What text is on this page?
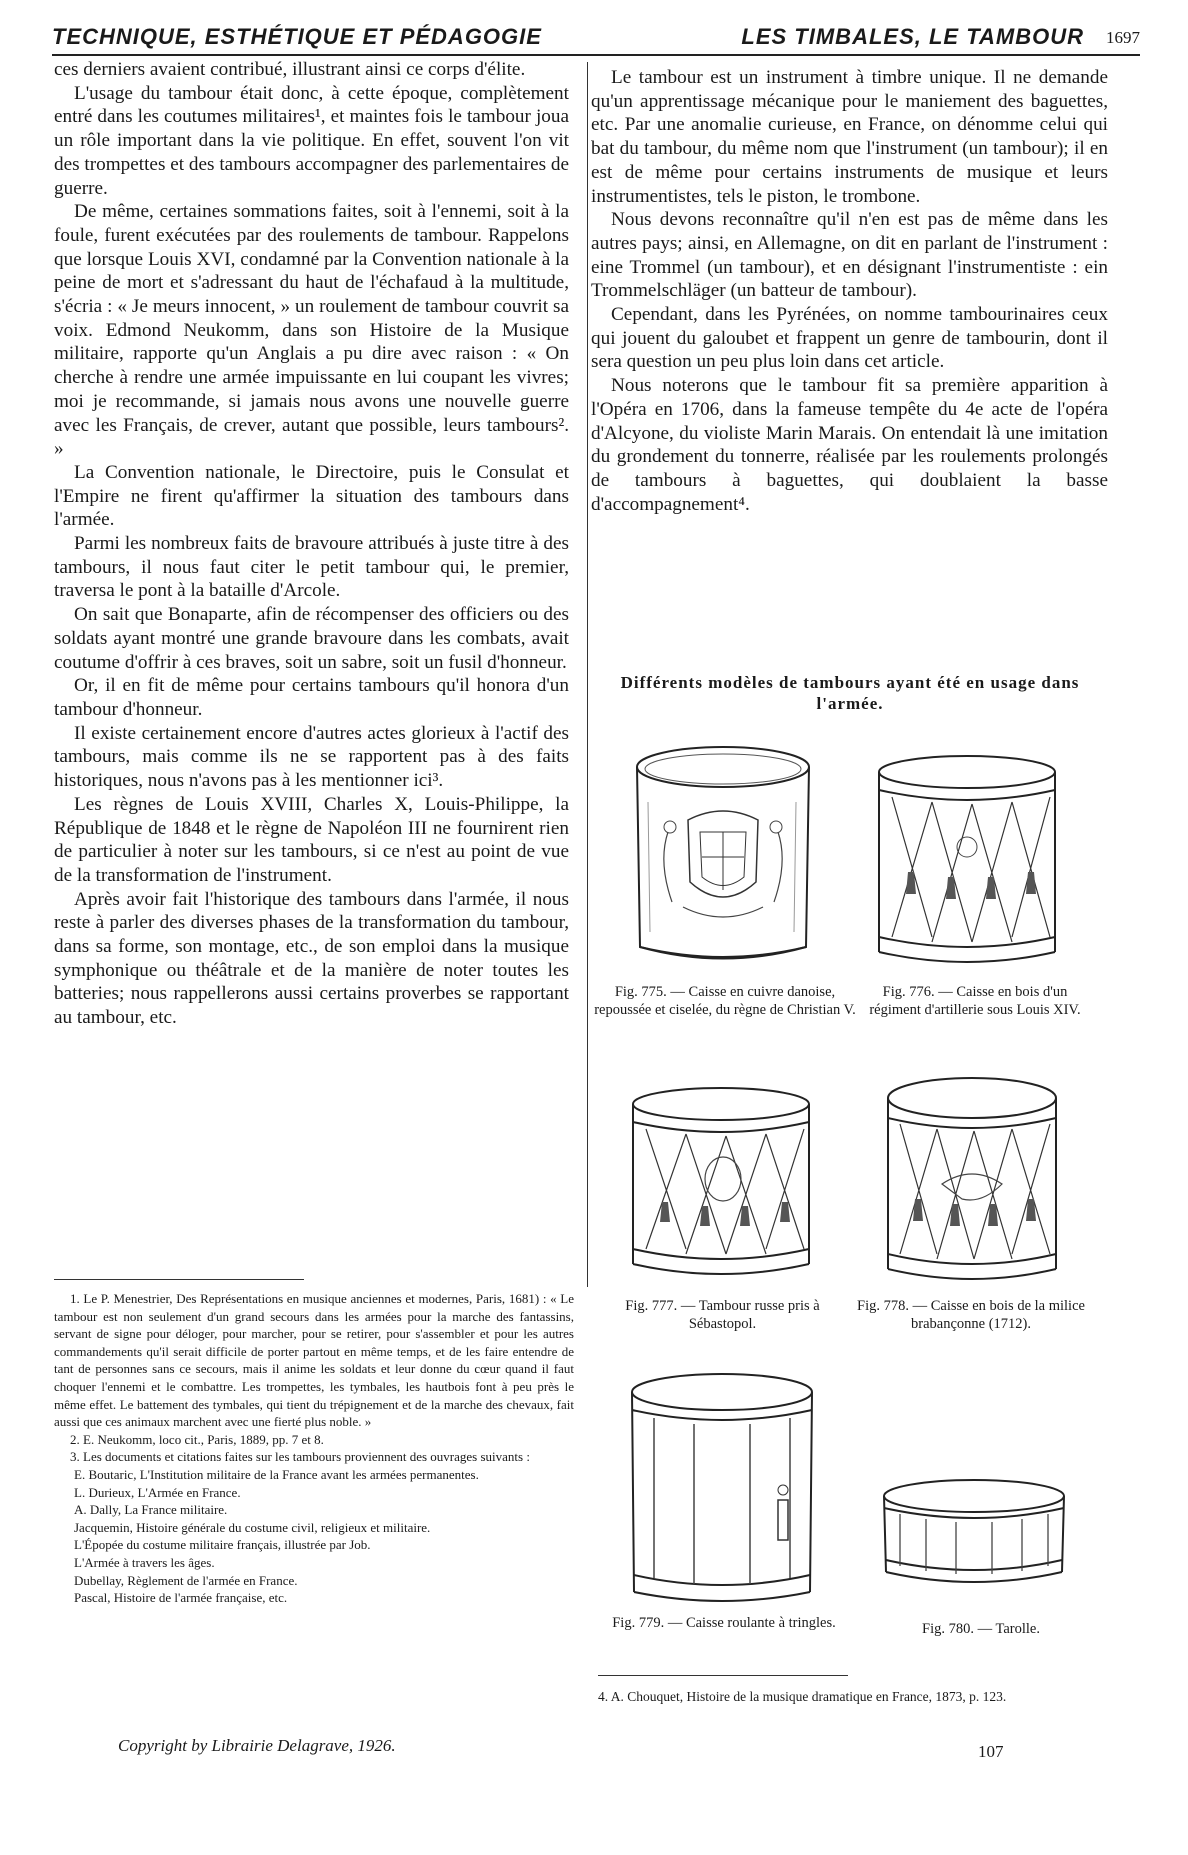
TECHNIQUE, ESTHÉTIQUE ET PÉDAGOGIE	LES TIMBALES, LE TAMBOUR 1697

ces derniers avaient contribué, illustrant ainsi ce corps d'élite.

L'usage du tambour était donc, à cette époque, complètement entré dans les coutumes militaires¹, et maintes fois le tambour joua un rôle important dans la vie politique. En effet, souvent l'on vit des trompettes et des tambours accompagner des parlementaires de guerre.

De même, certaines sommations faites, soit à l'ennemi, soit à la foule, furent exécutées par des roulements de tambour. Rappelons que lorsque Louis XVI, condamné par la Convention nationale à la peine de mort et s'adressant du haut de l'échafaud à la multitude, s'écria : « Je meurs innocent, » un roulement de tambour couvrit sa voix. Edmond Neukomm, dans son Histoire de la Musique militaire, rapporte qu'un Anglais a pu dire avec raison : « On cherche à rendre une armée impuissante en lui coupant les vivres; moi je recommande, si jamais nous avons une nouvelle guerre avec les Français, de crever, autant que possible, leurs tambours². »

La Convention nationale, le Directoire, puis le Consulat et l'Empire ne firent qu'affirmer la situation des tambours dans l'armée.

Parmi les nombreux faits de bravoure attribués à juste titre à des tambours, il nous faut citer le petit tambour qui, le premier, traversa le pont à la bataille d'Arcole.

On sait que Bonaparte, afin de récompenser des officiers ou des soldats ayant montré une grande bravoure dans les combats, avait coutume d'offrir à ces braves, soit un sabre, soit un fusil d'honneur.

Or, il en fit de même pour certains tambours qu'il honora d'un tambour d'honneur.

Il existe certainement encore d'autres actes glorieux à l'actif des tambours, mais comme ils ne se rapportent pas à des faits historiques, nous n'avons pas à les mentionner ici³.

Les règnes de Louis XVIII, Charles X, Louis-Philippe, la République de 1848 et le règne de Napoléon III ne fournirent rien de particulier à noter sur les tambours, si ce n'est au point de vue de la transformation de l'instrument.

Après avoir fait l'historique des tambours dans l'armée, il nous reste à parler des diverses phases de la transformation du tambour, dans sa forme, son montage, etc., de son emploi dans la musique symphonique ou théâtrale et de la manière de noter toutes les batteries; nous rappellerons aussi certains proverbes se rapportant au tambour, etc.

Le tambour est un instrument à timbre unique. Il ne demande qu'un apprentissage mécanique pour le maniement des baguettes, etc. Par une anomalie curieuse, en France, on dénomme celui qui bat du tambour, du même nom que l'instrument (un tambour); il en est de même pour certains instruments de musique et leurs instrumentistes, tels le piston, le trombone.

Nous devons reconnaître qu'il n'en est pas de même dans les autres pays; ainsi, en Allemagne, on dit en parlant de l'instrument : eine Trommel (un tambour), et en désignant l'instrumentiste : ein Trommelschläger (un batteur de tambour).

Cependant, dans les Pyrénées, on nomme tambourinaires ceux qui jouent du galoubet et frappent un genre de tambourin, dont il sera question un peu plus loin dans cet article.

Nous noterons que le tambour fit sa première apparition à l'Opéra en 1706, dans la fameuse tempête du 4e acte de l'opéra d'Alcyone, du violiste Marin Marais. On entendait là une imitation du grondement du tonnerre, réalisée par les roulements prolongés de tambours à baguettes, qui doublaient la basse d'accompagnement⁴.

Différents modèles de tambours ayant été en usage dans l'armée.
Fig. 775. — Caisse en cuivre danoise, repoussée et ciselée, du règne de Christian V.
Fig. 776. — Caisse en bois d'un régiment d'artillerie sous Louis XIV.
Fig. 777. — Tambour russe pris à Sébastopol.
Fig. 778. — Caisse en bois de la milice brabançonne (1712).
Fig. 779. — Caisse roulante à tringles.	Fig. 780. — Tarolle.

1. Le P. Menestrier, Des Représentations en musique anciennes et modernes, Paris, 1681) : « Le tambour est non seulement d'un grand secours dans les armées pour la marche des fantassins, servant de signe pour déloger, pour marcher, pour se retirer, pour s'assembler et pour les autres commandements qu'il serait difficile de porter partout en même temps, et de les faire entendre de tant de personnes sans ce secours, mais il anime les soldats et leur donne du cœur quand il faut choquer l'ennemi et le combattre. Les trompettes, les tymbales, les hautbois font à peu près le même effet. Le battement des tymbales, qui tient du trépignement et de la marche des chevaux, fait aussi que ces animaux marchent avec une fierté plus noble. »

2. E. Neukomm, loco cit., Paris, 1889, pp. 7 et 8.

3. Les documents et citations faites sur les tambours proviennent des ouvrages suivants :

E. Boutaric, L'Institution militaire de la France avant les armées permanentes.

L. Durieux, L'Armée en France.

A. Dally, La France militaire.

Jacquemin, Histoire générale du costume civil, religieux et militaire.

L'Épopée du costume militaire français, illustrée par Job.

L'Armée à travers les âges.

Dubellay, Règlement de l'armée en France.

Pascal, Histoire de l'armée française, etc.

4. A. Chouquet, Histoire de la musique dramatique en France, 1873, p. 123.
Copyright by Librairie Delagrave, 1926.	107
